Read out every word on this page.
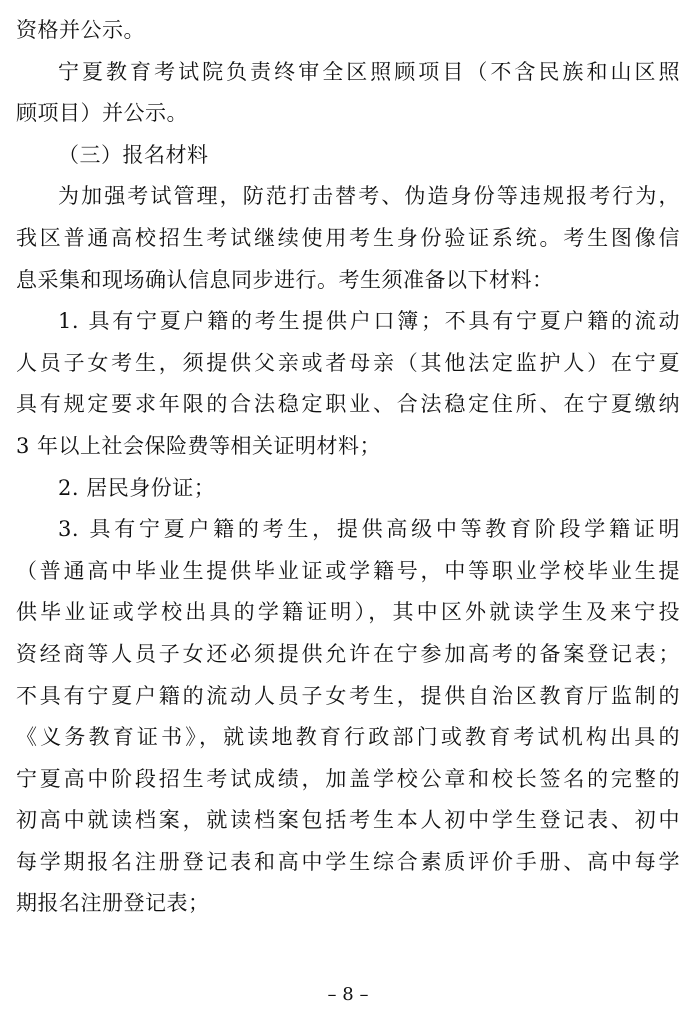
资格并公示。
宁夏教育考试院负责终审全区照顾项目（不含民族和山区照
顾项目）并公示。
（三）报名材料
为加强考试管理，防范打击替考、伪造身份等违规报考行为，
我区普通高校招生考试继续使用考生身份验证系统。考生图像信
息采集和现场确认信息同步进行。考生须准备以下材料：
1. 具有宁夏户籍的考生提供户口簿；不具有宁夏户籍的流动
人员子女考生，须提供父亲或者母亲（其他法定监护人）在宁夏
具有规定要求年限的合法稳定职业、合法稳定住所、在宁夏缴纳
3 年以上社会保险费等相关证明材料；
2. 居民身份证；
3. 具有宁夏户籍的考生，提供高级中等教育阶段学籍证明
（普通高中毕业生提供毕业证或学籍号，中等职业学校毕业生提
供毕业证或学校出具的学籍证明），其中区外就读学生及来宁投
资经商等人员子女还必须提供允许在宁参加高考的备案登记表；
不具有宁夏户籍的流动人员子女考生，提供自治区教育厅监制的
《义务教育证书》，就读地教育行政部门或教育考试机构出具的
宁夏高中阶段招生考试成绩，加盖学校公章和校长签名的完整的
初高中就读档案，就读档案包括考生本人初中学生登记表、初中
每学期报名注册登记表和高中学生综合素质评价手册、高中每学
期报名注册登记表；
– 8 –
